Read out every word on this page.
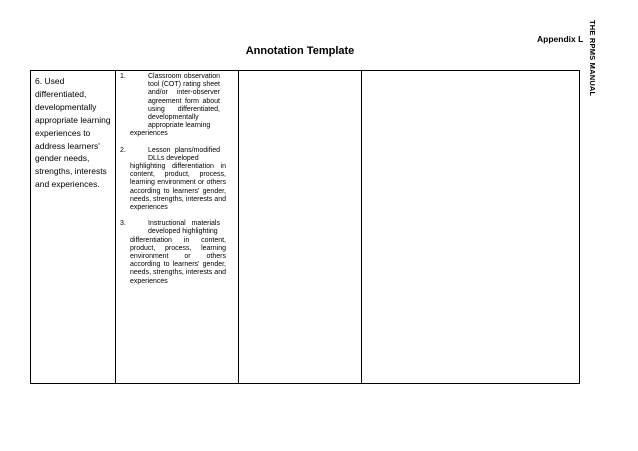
THE RPMS MANUAL
Appendix L
Annotation Template
6. Used
differentiated,
developmentally
appropriate learning
experiences to
address learners'
gender needs,
strengths, interests
and experiences.

1.	Classroom observation tool (COT) rating sheet and/or inter-observer agreement form about using differentiated, developmentally appropriate learning
experiences
2.	Lesson plans/modified DLLs developed
highlighting differentiation in content, product, process, learning environment or others according to learners' gender, needs, strengths, interests and experiences
3.	Instructional materials developed highlighting
differentiation in content, product, process, learning environment or others according to learners' gender, needs, strengths, interests and experiences
